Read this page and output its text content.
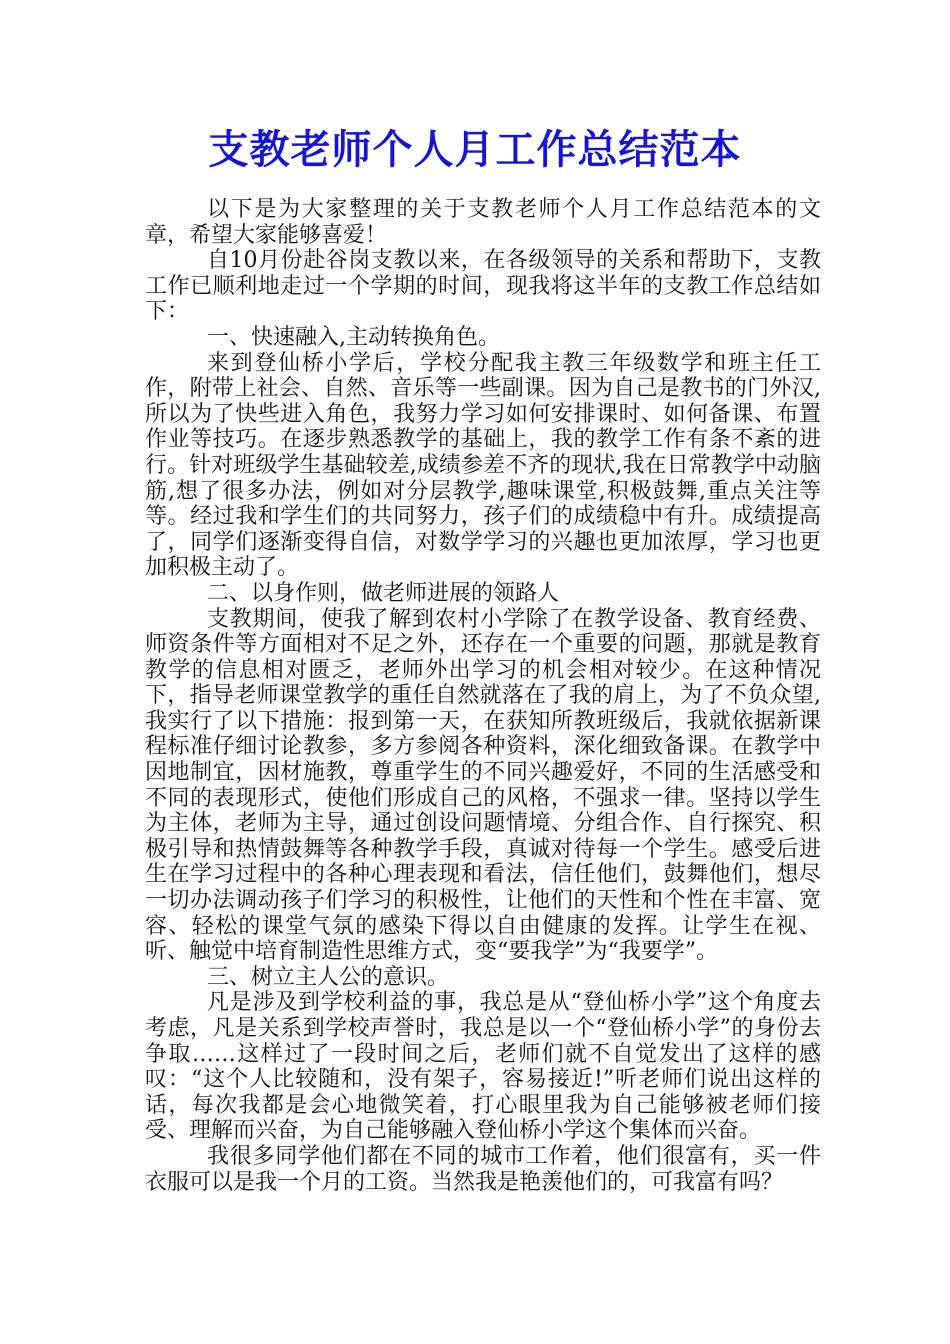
支教老师个人月工作总结范本

以下是为大家整理的关于支教老师个人月工作总结范本的文章，希望大家能够喜爱！

自10月份赴谷岗支教以来，在各级领导的关系和帮助下，支教工作已顺利地走过一个学期的时间，现我将这半年的支教工作总结如下：

一、快速融入,主动转换角色。

来到登仙桥小学后，学校分配我主教三年级数学和班主任工作，附带上社会、自然、音乐等一些副课。因为自己是教书的门外汉,所以为了快些进入角色，我努力学习如何安排课时、如何备课、布置作业等技巧。在逐步熟悉教学的基础上，我的教学工作有条不紊的进行。针对班级学生基础较差,成绩参差不齐的现状,我在日常教学中动脑筋,想了很多办法，例如对分层教学,趣味课堂,积极鼓舞,重点关注等等。经过我和学生们的共同努力，孩子们的成绩稳中有升。成绩提高了，同学们逐渐变得自信，对数学学习的兴趣也更加浓厚，学习也更加积极主动了。

二、以身作则，做老师进展的领路人

支教期间，使我了解到农村小学除了在教学设备、教育经费、师资条件等方面相对不足之外，还存在一个重要的问题，那就是教育教学的信息相对匮乏，老师外出学习的机会相对较少。在这种情况下，指导老师课堂教学的重任自然就落在了我的肩上，为了不负众望,我实行了以下措施：报到第一天，在获知所教班级后，我就依据新课程标准仔细讨论教参，多方参阅各种资料，深化细致备课。在教学中因地制宜，因材施教，尊重学生的不同兴趣爱好，不同的生活感受和不同的表现形式，使他们形成自己的风格，不强求一律。坚持以学生为主体，老师为主导，通过创设问题情境、分组合作、自行探究、积极引导和热情鼓舞等各种教学手段，真诚对待每一个学生。感受后进生在学习过程中的各种心理表现和看法，信任他们，鼓舞他们，想尽一切办法调动孩子们学习的积极性，让他们的天性和个性在丰富、宽容、轻松的课堂气氛的感染下得以自由健康的发挥。让学生在视、听、触觉中培育制造性思维方式，变“要我学”为“我要学”。

三、树立主人公的意识。

凡是涉及到学校利益的事，我总是从“登仙桥小学”这个角度去考虑，凡是关系到学校声誉时，我总是以一个“登仙桥小学”的身份去争取……这样过了一段时间之后，老师们就不自觉发出了这样的感叹：“这个人比较随和，没有架子，容易接近!”听老师们说出这样的话，每次我都是会心地微笑着，打心眼里我为自己能够被老师们接受、理解而兴奋，为自己能够融入登仙桥小学这个集体而兴奋。

我很多同学他们都在不同的城市工作着，他们很富有，买一件衣服可以是我一个月的工资。当然我是艳羡他们的，可我富有吗？
